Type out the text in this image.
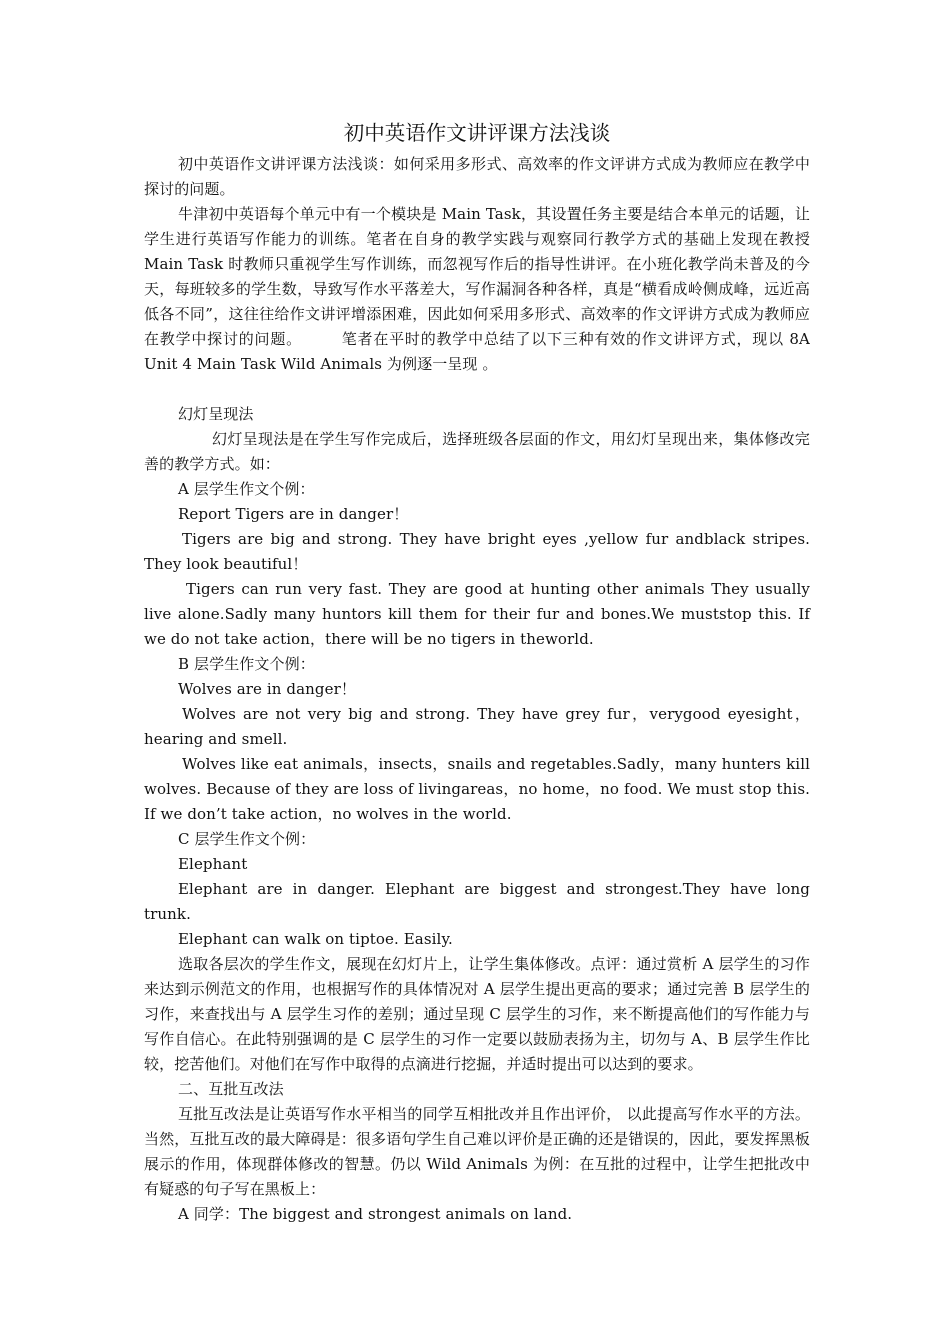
初中英语作文讲评课方法浅谈

初中英语作文讲评课方法浅谈：如何采用多形式、高效率的作文评讲方式成为教师应在教学中探讨的问题。

牛津初中英语每个单元中有一个模块是 Main Task，其设置任务主要是结合本单元的话题，让学生进行英语写作能力的训练。笔者在自身的教学实践与观察同行教学方式的基础上发现在教授 Main Task 时教师只重视学生写作训练，而忽视写作后的指导性讲评。在小班化教学尚未普及的今天，每班较多的学生数，导致写作水平落差大，写作漏洞各种各样，真是“横看成岭侧成峰，远近高低各不同”，这往往给作文讲评增添困难，因此如何采用多形式、高效率的作文评讲方式成为教师应在教学中探讨的问题。　　　笔者在平时的教学中总结了以下三种有效的作文讲评方式，现以 8A Unit 4 Main Task Wild Animals 为例逐一呈现 。

幻灯呈现法

幻灯呈现法是在学生写作完成后，选择班级各层面的作文，用幻灯呈现出来，集体修改完善的教学方式。如：

A 层学生作文个例：

Report Tigers are in danger！

Tigers are big and strong. They have bright eyes ,yellow fur andblack stripes. They look beautiful！

Tigers can run very fast. They are good at hunting other animals They usually live alone.Sadly many huntors kill them for their fur and bones.We muststop this. If we do not take action，there will be no tigers in theworld.

B 层学生作文个例：

Wolves are in danger！

Wolves are not very big and strong. They have grey fur，verygood eyesight，hearing and smell.

Wolves like eat animals，insects，snails and regetables.Sadly，many hunters kill wolves. Because of they are loss of livingareas，no home，no food. We must stop this. If we don’t take action，no wolves in the world.

C 层学生作文个例：

Elephant

Elephant are in danger. Elephant are biggest and strongest.They have long trunk.

Elephant can walk on tiptoe. Easily.

选取各层次的学生作文，展现在幻灯片上，让学生集体修改。点评：通过赏析 A 层学生的习作来达到示例范文的作用，也根据写作的具体情况对 A 层学生提出更高的要求；通过完善 B 层学生的习作，来查找出与 A 层学生习作的差别；通过呈现 C 层学生的习作，来不断提高他们的写作能力与写作自信心。在此特别强调的是 C 层学生的习作一定要以鼓励表扬为主，切勿与 A、B 层学生作比较，挖苦他们。对他们在写作中取得的点滴进行挖掘，并适时提出可以达到的要求。

二、互批互改法

互批互改法是让英语写作水平相当的同学互相批改并且作出评价， 以此提高写作水平的方法。当然，互批互改的最大障碍是：很多语句学生自己难以评价是正确的还是错误的，因此，要发挥黑板展示的作用，体现群体修改的智慧。仍以 Wild Animals 为例：在互批的过程中，让学生把批改中有疑惑的句子写在黑板上：

A 同学：The biggest and strongest animals on land.
